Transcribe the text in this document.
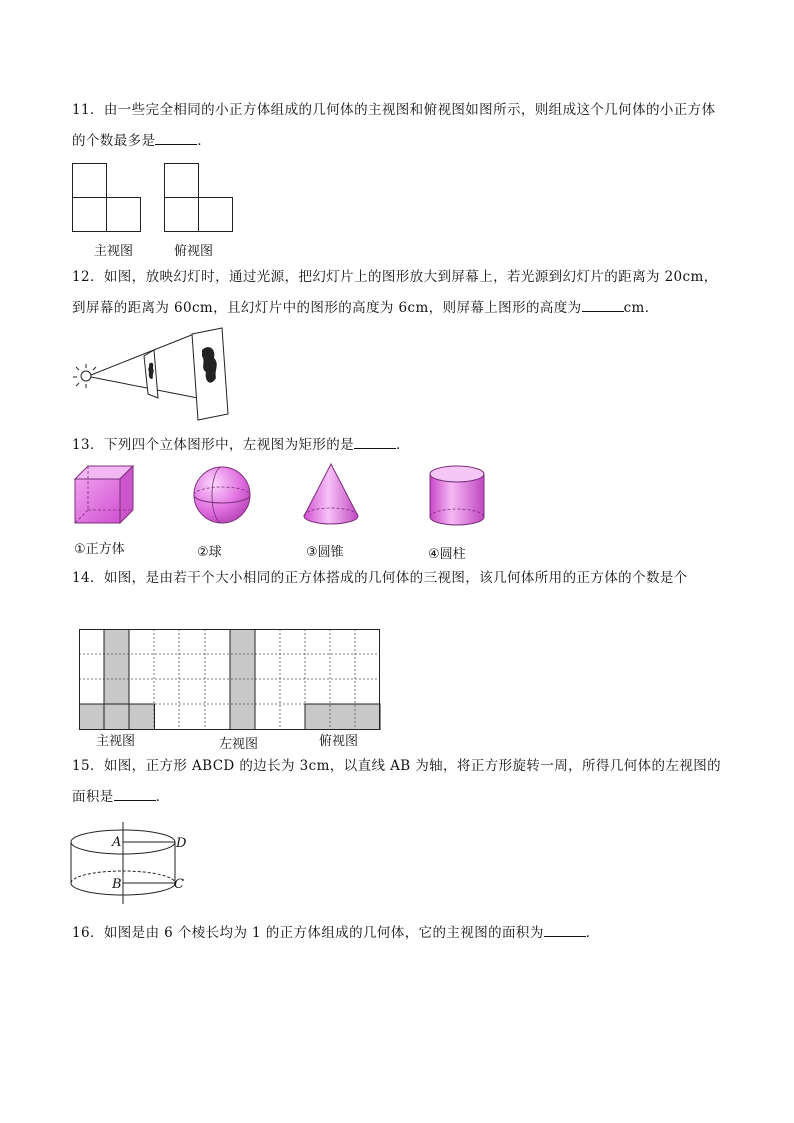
11．由一些完全相同的小正方体组成的几何体的主视图和俯视图如图所示，则组成这个几何体的小正方体的个数最多是	．
主视图	俯视图
12．如图，放映幻灯时，通过光源，把幻灯片上的图形放大到屏幕上，若光源到幻灯片的距离为 20cm，到屏幕的距离为 60cm，且幻灯片中的图形的高度为 6cm，则屏幕上图形的高度为	cm．
13．下列四个立体图形中，左视图为矩形的是	．
①正方体	②球	③圆锥	④圆柱
14．如图，是由若干个大小相同的正方体搭成的几何体的三视图，该几何体所用的正方体的个数是个
主视图	左视图	俯视图
15．如图，正方形 ABCD 的边长为 3cm，以直线 AB 为轴，将正方形旋转一周，所得几何体的左视图的面积是	．
A	D
B	C
16．如图是由 6 个棱长均为 1 的正方体组成的几何体，它的主视图的面积为	．
